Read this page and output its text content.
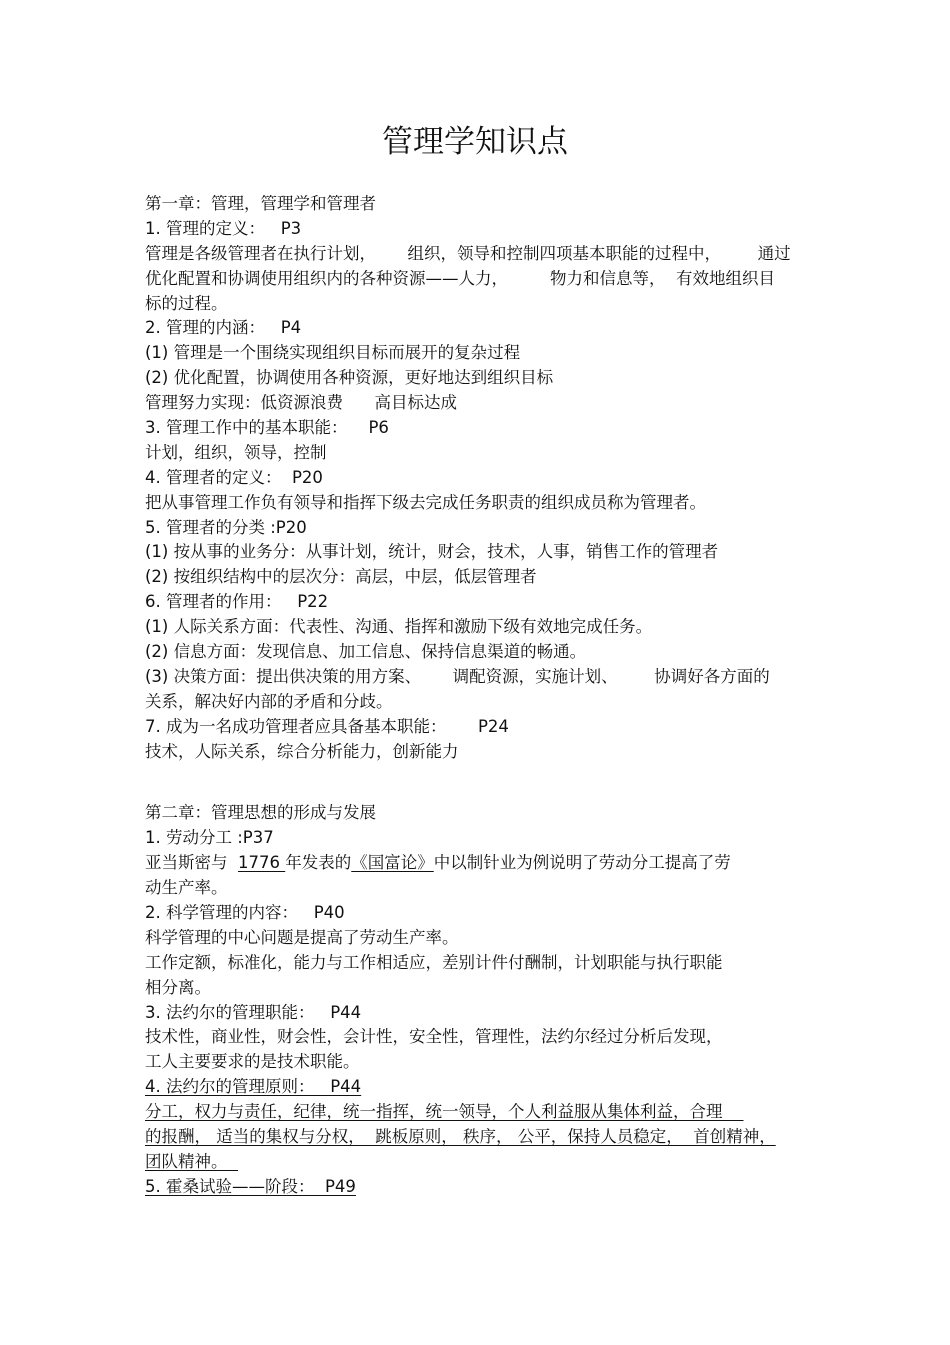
管理学知识点
第一章：管理，管理学和管理者
1. 管理的定义：   P3
管理是各级管理者在执行计划，      组织，领导和控制四项基本职能的过程中，       通过
优化配置和协调使用组织内的各种资源——人力，        物力和信息等，  有效地组织目
标的过程。
2. 管理的内涵：   P4
(1) 管理是一个围绕实现组织目标而展开的复杂过程
(2) 优化配置，协调使用各种资源，更好地达到组织目标
管理努力实现：低资源浪费      高目标达成
3. 管理工作中的基本职能：    P6
计划，组织，领导，控制
4. 管理者的定义：  P20
把从事管理工作负有领导和指挥下级去完成任务职责的组织成员称为管理者。
5. 管理者的分类 :P20
(1) 按从事的业务分：从事计划，统计，财会，技术，人事，销售工作的管理者
(2) 按组织结构中的层次分：高层，中层，低层管理者
6. 管理者的作用：   P22
(1) 人际关系方面：代表性、沟通、指挥和激励下级有效地完成任务。
(2) 信息方面：发现信息、加工信息、保持信息渠道的畅通。
(3) 决策方面：提出供决策的用方案、      调配资源，实施计划、       协调好各方面的
关系，解决好内部的矛盾和分歧。
7. 成为一名成功管理者应具备基本职能：      P24
技术，人际关系，综合分析能力，创新能力
第二章：管理思想的形成与发展
1. 劳动分工 :P37
亚当斯密与  1776 年发表的《国富论》中以制针业为例说明了劳动分工提高了劳
动生产率。
2. 科学管理的内容：   P40
科学管理的中心问题是提高了劳动生产率。
工作定额，标准化，能力与工作相适应，差别计件付酬制，计划职能与执行职能
相分离。
3. 法约尔的管理职能：   P44
技术性，商业性，财会性，会计性，安全性，管理性，法约尔经过分析后发现，
工人主要要求的是技术职能。
4. 法约尔的管理原则：   P44
分工，权力与责任，纪律，统一指挥，统一领导，个人利益服从集体利益，合理
的报酬， 适当的集权与分权，  跳板原则， 秩序， 公平，保持人员稳定，  首创精神，
团队精神。
5. 霍桑试验——阶段：  P49
